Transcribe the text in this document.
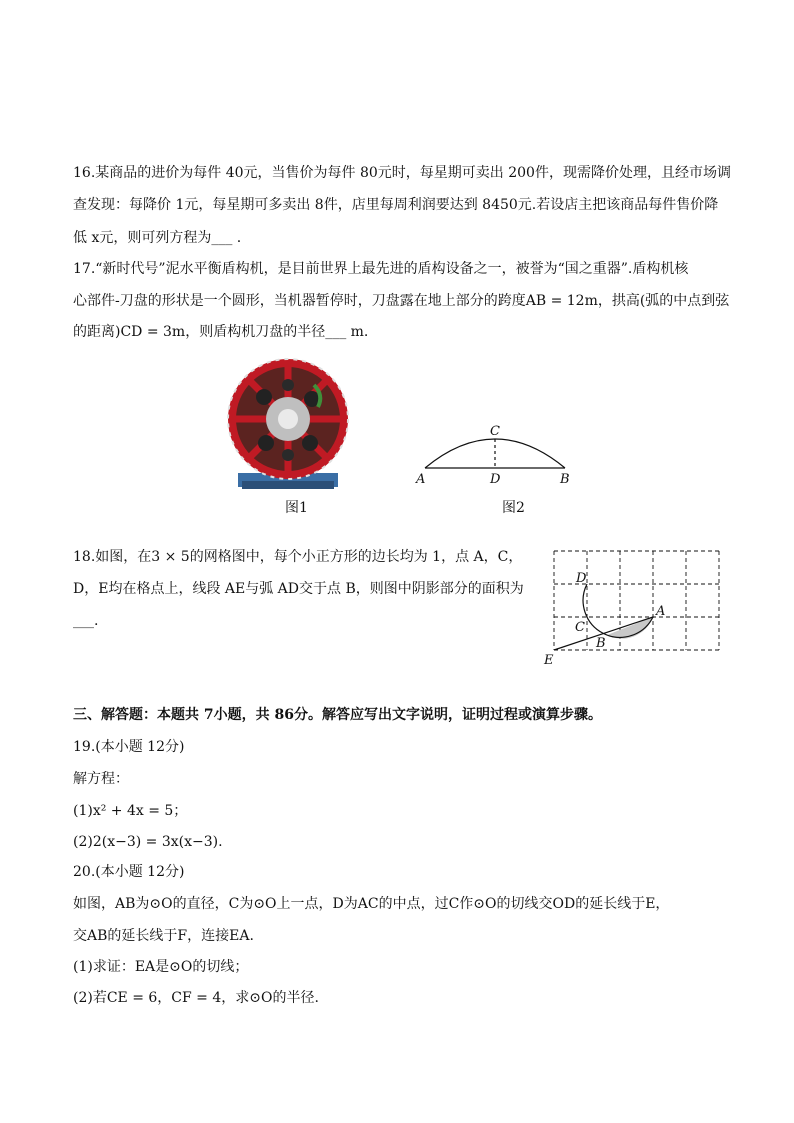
16.某商品的进价为每件 40元，当售价为每件 80元时，每星期可卖出 200件，现需降价处理，且经市场调
查发现：每降价 1元，每星期可多卖出 8件，店里每周利润要达到 8450元.若设店主把该商品每件售价降
低 x元，则可列方程为___ .
17.“新时代号”泥水平衡盾构机，是目前世界上最先进的盾构设备之一，被誉为“国之重器”.盾构机核
心部件-刀盘的形状是一个圆形，当机器暂停时，刀盘露在地上部分的跨度AB = 12m，拱高(弧的中点到弦
的距离)CD = 3m，则盾构机刀盘的半径___ m.
图1
C
A	D	B
图2
18.如图，在3 × 5的网格图中，每个小正方形的边长均为 1，点 A，C，
D，E均在格点上，线段 AE与弧 AD交于点 B，则图中阴影部分的面积为
___.
D
A
C
B
E
三、解答题：本题共 7小题，共 86分。解答应写出文字说明，证明过程或演算步骤。
19.(本小题 12分)
解方程：
(1)x² + 4x = 5；
(2)2(x−3) = 3x(x−3).
20.(本小题 12分)
如图，AB为⊙O的直径，C为⊙O上一点，D为AC的中点，过C作⊙O的切线交OD的延长线于E，
交AB的延长线于F，连接EA.
(1)求证：EA是⊙O的切线；
(2)若CE = 6，CF = 4，求⊙O的半径.
